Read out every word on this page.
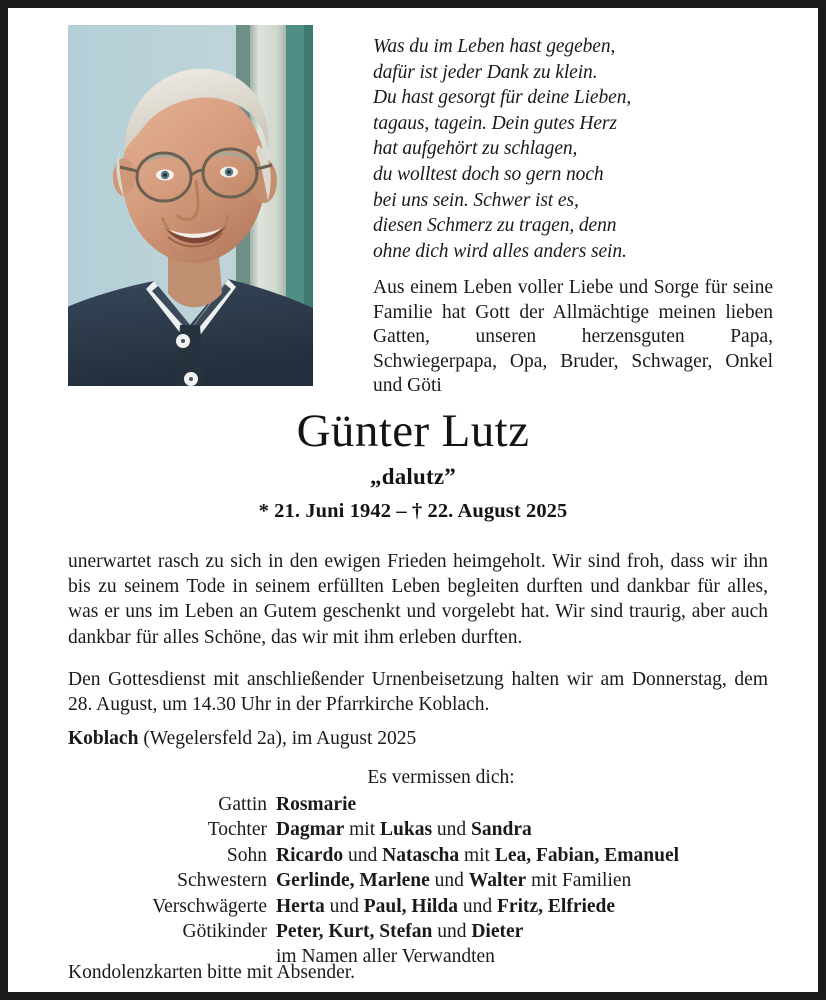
Was du im Leben hast gegeben,
dafür ist jeder Dank zu klein.
Du hast gesorgt für deine Lieben,
tagaus, tagein. Dein gutes Herz
hat aufgehört zu schlagen,
du wolltest doch so gern noch
bei uns sein. Schwer ist es,
diesen Schmerz zu tragen, denn
ohne dich wird alles anders sein.
Aus einem Leben voller Liebe und Sorge für seine Familie hat Gott der Allmächtige meinen lieben Gatten, unseren herzensguten Papa, Schwiegerpapa, Opa, Bruder, Schwager, Onkel und Göti
Günter Lutz
„dalutz”
* 21. Juni 1942 – † 22. August 2025
unerwartet rasch zu sich in den ewigen Frieden heimgeholt. Wir sind froh, dass wir ihn bis zu seinem Tode in seinem erfüllten Leben begleiten durften und dankbar für alles, was er uns im Leben an Gutem geschenkt und vorgelebt hat. Wir sind traurig, aber auch dankbar für alles Schöne, das wir mit ihm erleben durften.
Den Gottesdienst mit anschließender Urnenbeisetzung halten wir am Donnerstag, dem 28. August, um 14.30 Uhr in der Pfarrkirche Koblach.
Koblach (Wegelersfeld 2a), im August 2025
Es vermissen dich:
Gattin Rosmarie
Tochter Dagmar mit Lukas und Sandra
Sohn Ricardo und Natascha mit Lea, Fabian, Emanuel
Schwestern Gerlinde, Marlene und Walter mit Familien
Verschwägerte Herta und Paul, Hilda und Fritz, Elfriede
Götikinder Peter, Kurt, Stefan und Dieter
im Namen aller Verwandten
Kondolenzkarten bitte mit Absender.
